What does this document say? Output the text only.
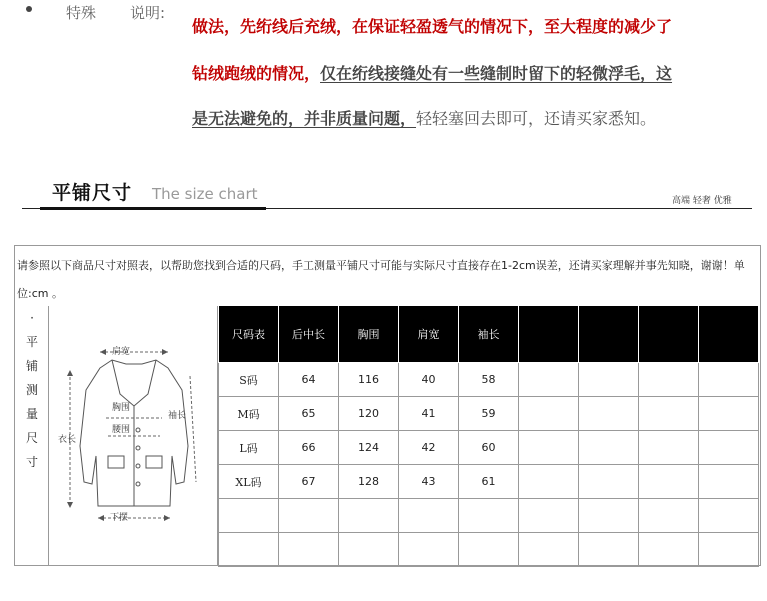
特殊 说明:
做法，先绗线后充绒，在保证轻盈透气的情况下，至大程度的减少了
钻绒跑绒的情况，仅在绗线接缝处有一些缝制时留下的轻微浮毛，这
是无法避免的，并非质量问题，轻轻塞回去即可，还请买家悉知。
平铺尺寸 The size chart	高端 轻奢 优雅
请参照以下商品尺寸对照表，以帮助您找到合适的尺码，手工测量平铺尺寸可能与实际尺寸直接存在1-2cm误差，还请买家理解并事先知晓，谢谢！单位:cm 。
·
平
铺
测
量
尺
寸
肩宽
胸围
腰围
袖长
衣长
下摆
尺码表	后中长	胸围	肩宽	袖长				
S码	64	116	40	58				
M码	65	120	41	59				
L码	66	124	42	60				
XL码	67	128	43	61				
